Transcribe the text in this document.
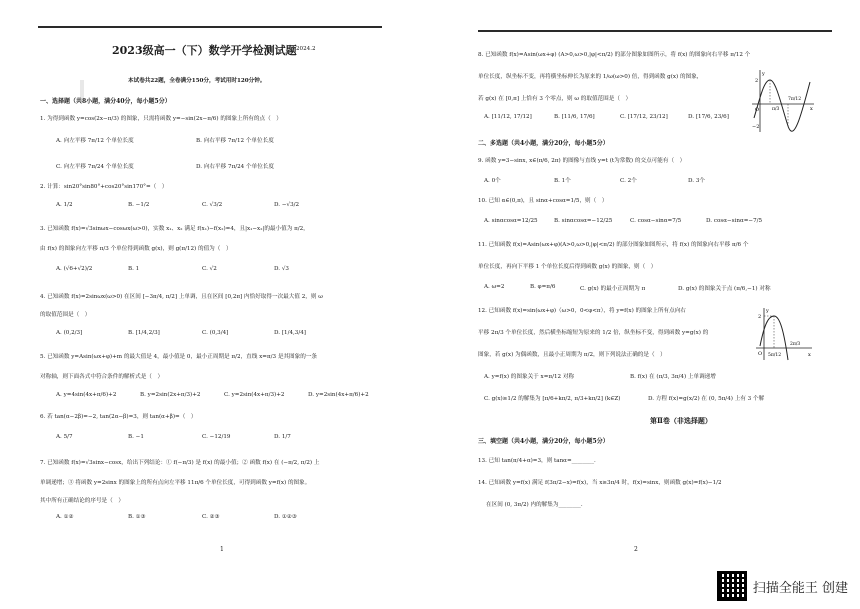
2023级高一（下）数学开学检测试题 2024.2
本试卷共22题，全卷满分150分，考试用时120分钟。
一、选择题（共8小题，满分40分，每小题5分）
1. 为得到函数 y=cos(2x−π/3) 的图象，只需将函数 y=−sin(2x−π/6) 的图象上所有的点（　）
A. 向左平移 7π/12 个单位长度	B. 向右平移 7π/12 个单位长度
C. 向左平移 7π/24 个单位长度	D. 向右平移 7π/24 个单位长度
2. 计算：sin20°sin80°+cos20°sin170°=（　）
A. 1/2	B. −1/2	C. √3/2	D. −√3/2
3. 已知函数 f(x)=√3sinωx−cosωx(ω>0)，实数 x₁、x₂ 满足 f(x₁)−f(x₂)=4，且|x₁−x₂|的最小值为 π/2，
由 f(x) 的图象向左平移 π/3 个单位得到函数 g(x)，则 g(π/12) 的值为（　）
A. (√6+√2)/2	B. 1	C. √2	D. √3
4. 已知函数 f(x)=2sinωx(ω>0) 在区间 [−3π/4, π/2] 上单调，且在区间 [0,2π] 内恰好取得一次最大值 2，则 ω
的取值范围是（　）
A. (0,2/3]	B. [1/4,2/3]	C. (0,3/4]	D. [1/4,3/4]
5. 已知函数 y=Asin(ωx+φ)+m 的最大值是 4，最小值是 0，最小正周期是 π/2，直线 x=π/3 是其图象的一条
对称轴，则下面各式中符合条件的解析式是（　）
A. y=4sin(4x+π/6)+2	B. y=2sin(2x+π/3)+2	C. y=2sin(4x+π/3)+2	D. y=2sin(4x+π/6)+2
6. 若 tan(α−2β)=−2, tan(2α−β)=3，则 tan(α+β)=（　）
A. 5/7	B. −1	C. −12/19	D. 1/7
7. 已知函数 f(x)=√3sinx−cosx，给出下列结论：① f(−π/3) 是 f(x) 的最小值；② 函数 f(x) 在 (−π/2, π/2) 上
单调递增；③ 将函数 y=2sinx 的图象上的所有点向左平移 11π/6 个单位长度，可得到函数 y=f(x) 的图象。
其中所有正确结论的序号是（　）
A. ①②	B. ①③	C. ②③	D. ①②③
1
8. 已知函数 f(x)=Asin(ωx+φ) (A>0,ω>0,|φ|<π/2) 的部分图象如图所示，将 f(x) 的图象向右平移 π/12 个
单位长度，纵坐标不变，再将横坐标伸长为原来的 1/ω(ω>0) 倍，得到函数 g(x) 的图象，
若 g(x) 在 [0,π] 上恰有 3 个零点，则 ω 的取值范围是（　）
A. [11/12, 17/12]	B. [11/6, 17/6]	C. [17/12, 23/12]	D. [17/6, 23/6]
y
2
O	π/3
7π/12
x
−2
二、多选题（共4小题，满分20分，每小题5分）
9. 函数 y=3−sinx, x∈(π/6, 2π) 的图像与直线 y=t (t为常数) 的交点可能有（　）
A. 0个	B. 1个	C. 2个	D. 3个
10. 已知 α∈(0,π)，且 sinα+cosα=1/5，则（　）
A. sinαcosα=12/25	B. sinαcosα=−12/25	C. cosα−sinα=7/5	D. cosα−sinα=−7/5
11. 已知函数 f(x)=Asin(ωx+φ)(A>0,ω>0,|φ|<π/2) 的部分图象如图所示，将 f(x) 的图象向右平移 π/6 个
单位长度，再向下平移 1 个单位长度后得到函数 g(x) 的图象，则（　）
A. ω=2	B. φ=π/6	C. g(x) 的最小正周期为 π	D. g(x) 的图象关于点 (π/6,−1) 对称
12. 已知函数 f(x)=sin(ωx+φ)（ω>0，0<φ<π），将 y=f(x) 的图象上所有点向右
平移 2π/3 个单位长度，然后横坐标缩短为原来的 1/2 倍，纵坐标不变，得到函数 y=g(x) 的
图象，若 g(x) 为偶函数，且最小正周期为 π/2，则下列说法正确的是（　）
A. y=f(x) 的图象关于 x=π/12 对称	B. f(x) 在 (π/3, 3π/4) 上单调递增
C. g(x)≥1/2 的解集为 [π/6+kπ/2, π/3+kπ/2] (k∈Z)	D. 方程 f(x)=g(x/2) 在 (0, 5π/4) 上有 3 个解
y
2
O 5π/12
2π/3
x
第Ⅱ卷（非选择题）
三、填空题（共4小题，满分20分，每小题5分）
13. 已知 tan(π/4+α)=3，则 tanα=________.
14. 已知函数 y=f(x) 满足 f(3π/2−x)=f(x)，当 x≥3π/4 时，f(x)=sinx，则函数 g(x)=f(x)−1/2
在区间 (0, 3π/2) 内的解集为________.
2
扫描全能王 创建
